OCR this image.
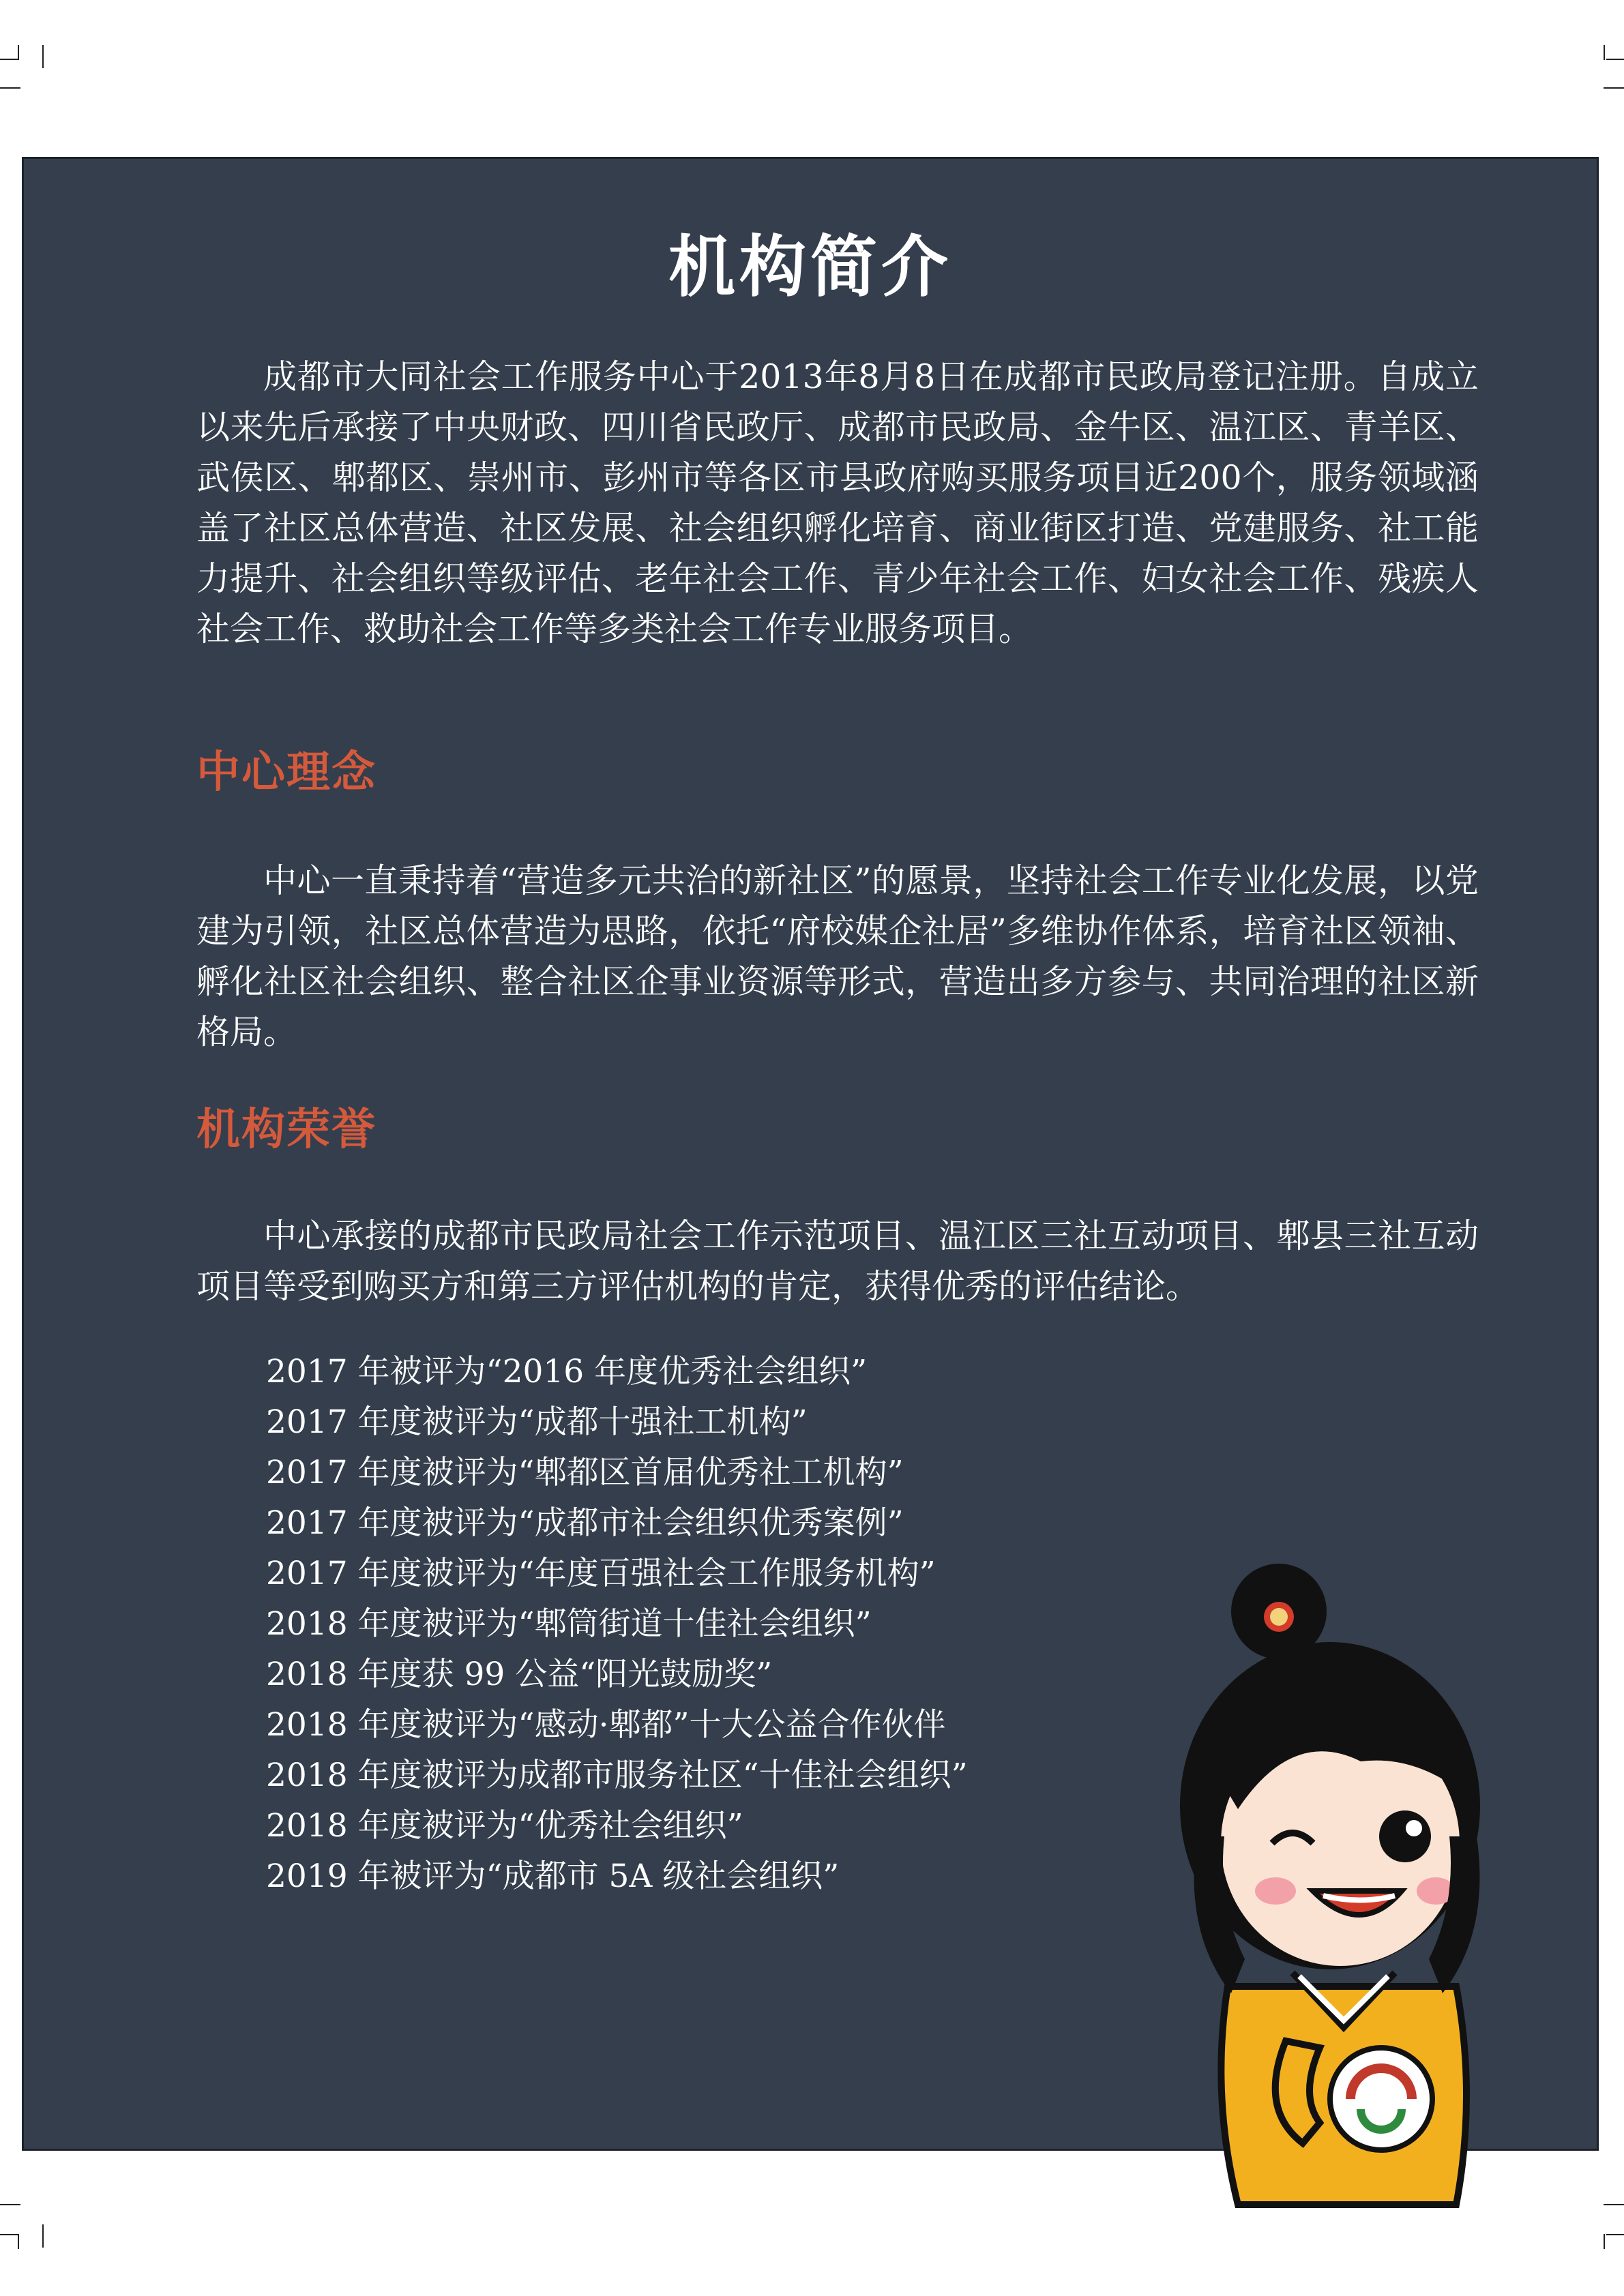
机构简介

成都市大同社会工作服务中心于2013年8月8日在成都市民政局登记注册。自成立以来先后承接了中央财政、四川省民政厅、成都市民政局、金牛区、温江区、青羊区、武侯区、郫都区、崇州市、彭州市等各区市县政府购买服务项目近200个，服务领域涵盖了社区总体营造、社区发展、社会组织孵化培育、商业街区打造、党建服务、社工能力提升、社会组织等级评估、老年社会工作、青少年社会工作、妇女社会工作、残疾人社会工作、救助社会工作等多类社会工作专业服务项目。

中心理念

中心一直秉持着“营造多元共治的新社区”的愿景，坚持社会工作专业化发展，以党建为引领，社区总体营造为思路，依托“府校媒企社居”多维协作体系，培育社区领袖、孵化社区社会组织、整合社区企事业资源等形式，营造出多方参与、共同治理的社区新格局。

机构荣誉

中心承接的成都市民政局社会工作示范项目、温江区三社互动项目、郫县三社互动项目等受到购买方和第三方评估机构的肯定，获得优秀的评估结论。

2017 年被评为“2016 年度优秀社会组织”
2017 年度被评为“成都十强社工机构”
2017 年度被评为“郫都区首届优秀社工机构”
2017 年度被评为“成都市社会组织优秀案例”
2017 年度被评为“年度百强社会工作服务机构”
2018 年度被评为“郫筒街道十佳社会组织”
2018 年度获 99 公益“阳光鼓励奖”
2018 年度被评为“感动·郫都”十大公益合作伙伴
2018 年度被评为成都市服务社区“十佳社会组织”
2018 年度被评为“优秀社会组织”
2019 年被评为“成都市 5A 级社会组织”
